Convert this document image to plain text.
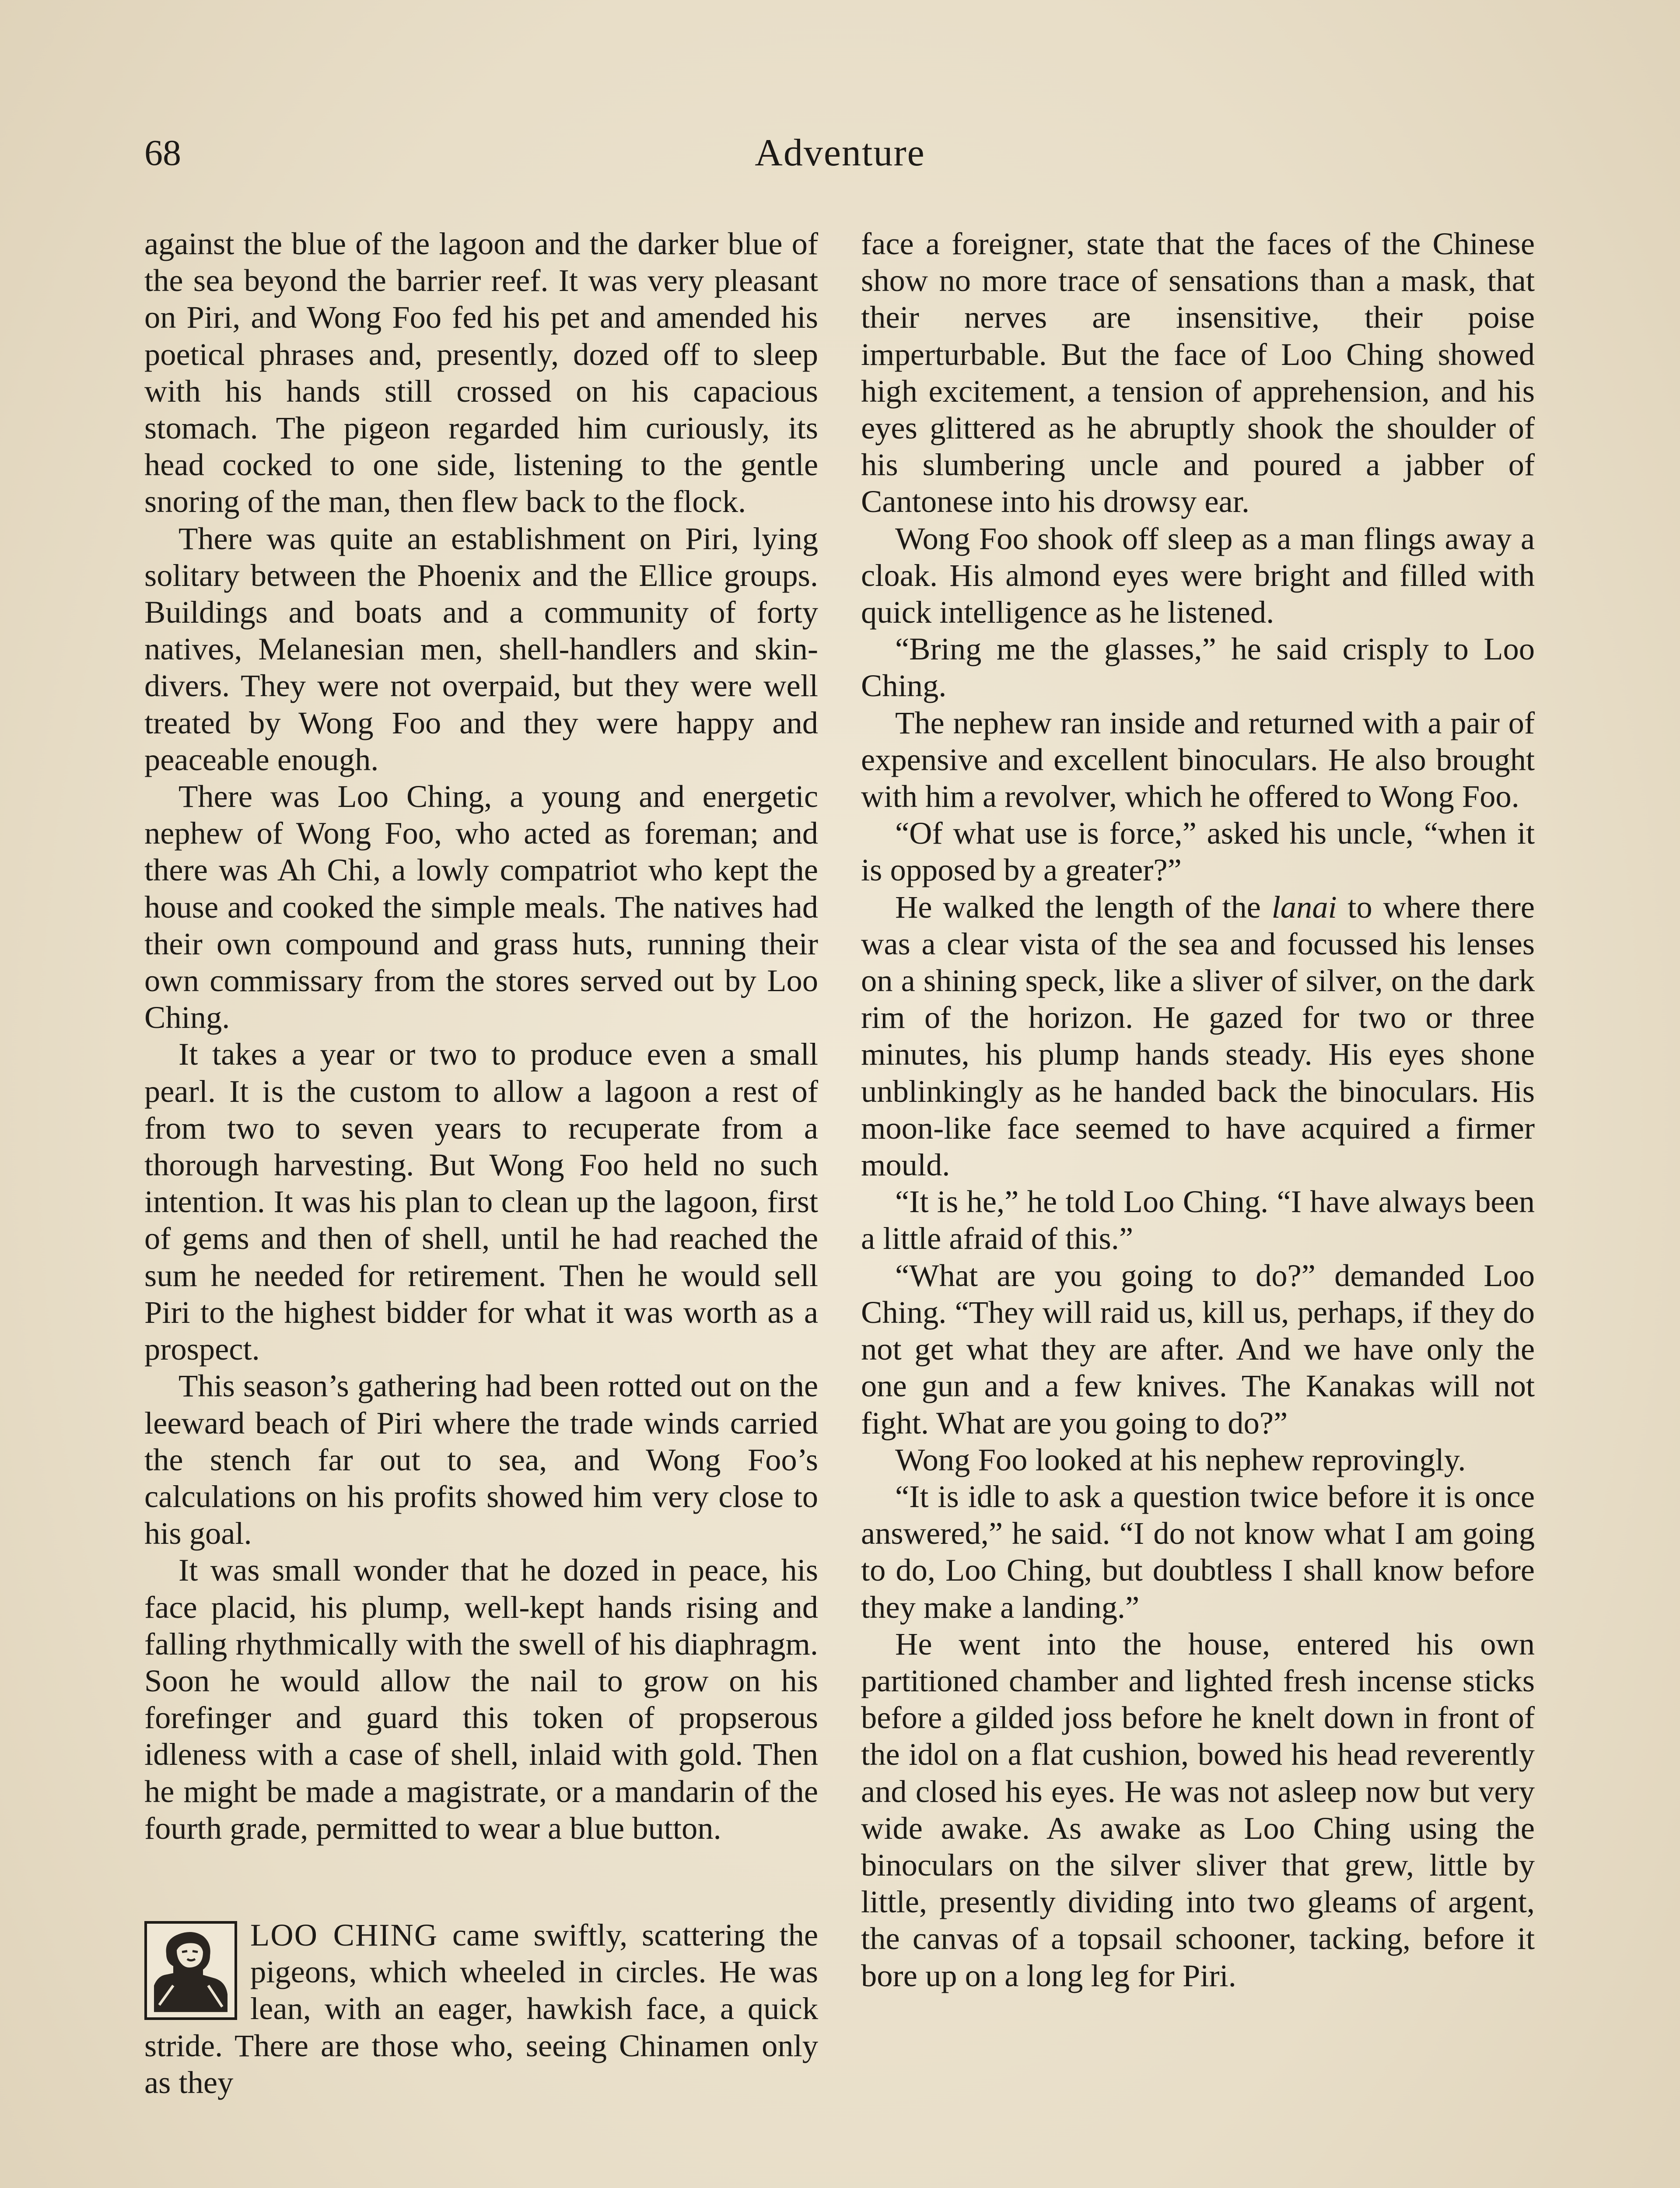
68	Adventure

against the blue of the lagoon and the darker blue of the sea beyond the barrier reef. It was very pleasant on Piri, and Wong Foo fed his pet and amended his poetical phrases and, presently, dozed off to sleep with his hands still crossed on his capacious stomach. The pigeon regarded him curiously, its head cocked to one side, listening to the gentle snoring of the man, then flew back to the flock.

There was quite an establishment on Piri, lying solitary between the Phoenix and the Ellice groups. Buildings and boats and a community of forty natives, Melanesian men, shell-handlers and skin-divers. They were not overpaid, but they were well treated by Wong Foo and they were happy and peaceable enough.

There was Loo Ching, a young and energetic nephew of Wong Foo, who acted as foreman; and there was Ah Chi, a lowly compatriot who kept the house and cooked the simple meals. The natives had their own compound and grass huts, running their own commissary from the stores served out by Loo Ching.

It takes a year or two to produce even a small pearl. It is the custom to allow a lagoon a rest of from two to seven years to recuperate from a thorough harvesting. But Wong Foo held no such intention. It was his plan to clean up the lagoon, first of gems and then of shell, until he had reached the sum he needed for retirement. Then he would sell Piri to the highest bidder for what it was worth as a prospect.

This season’s gathering had been rotted out on the leeward beach of Piri where the trade winds carried the stench far out to sea, and Wong Foo’s calculations on his profits showed him very close to his goal.

It was small wonder that he dozed in peace, his face placid, his plump, well-kept hands rising and falling rhythmically with the swell of his diaphragm. Soon he would allow the nail to grow on his forefinger and guard this token of propserous idleness with a case of shell, inlaid with gold. Then he might be made a magistrate, or a mandarin of the fourth grade, permitted to wear a blue button.

LOO CHING came swiftly, scattering the pigeons, which wheeled in circles. He was lean, with an eager, hawkish face, a quick stride. There are those who, seeing Chinamen only as they

face a foreigner, state that the faces of the Chinese show no more trace of sensations than a mask, that their nerves are insensitive, their poise imperturbable. But the face of Loo Ching showed high excitement, a tension of apprehension, and his eyes glittered as he abruptly shook the shoulder of his slumbering uncle and poured a jabber of Cantonese into his drowsy ear.

Wong Foo shook off sleep as a man flings away a cloak. His almond eyes were bright and filled with quick intelligence as he listened.

“Bring me the glasses,” he said crisply to Loo Ching.

The nephew ran inside and returned with a pair of expensive and excellent binoculars. He also brought with him a revolver, which he offered to Wong Foo.

“Of what use is force,” asked his uncle, “when it is opposed by a greater?”

He walked the length of the lanai to where there was a clear vista of the sea and focussed his lenses on a shining speck, like a sliver of silver, on the dark rim of the horizon. He gazed for two or three minutes, his plump hands steady. His eyes shone unblinkingly as he handed back the binoculars. His moon-like face seemed to have acquired a firmer mould.

“It is he,” he told Loo Ching. “I have always been a little afraid of this.”

“What are you going to do?” demanded Loo Ching. “They will raid us, kill us, perhaps, if they do not get what they are after. And we have only the one gun and a few knives. The Kanakas will not fight. What are you going to do?”

Wong Foo looked at his nephew reprovingly.

“It is idle to ask a question twice before it is once answered,” he said. “I do not know what I am going to do, Loo Ching, but doubtless I shall know before they make a landing.”

He went into the house, entered his own partitioned chamber and lighted fresh incense sticks before a gilded joss before he knelt down in front of the idol on a flat cushion, bowed his head reverently and closed his eyes. He was not asleep now but very wide awake. As awake as Loo Ching using the binoculars on the silver sliver that grew, little by little, presently dividing into two gleams of argent, the canvas of a topsail schooner, tacking, before it bore up on a long leg for Piri.
